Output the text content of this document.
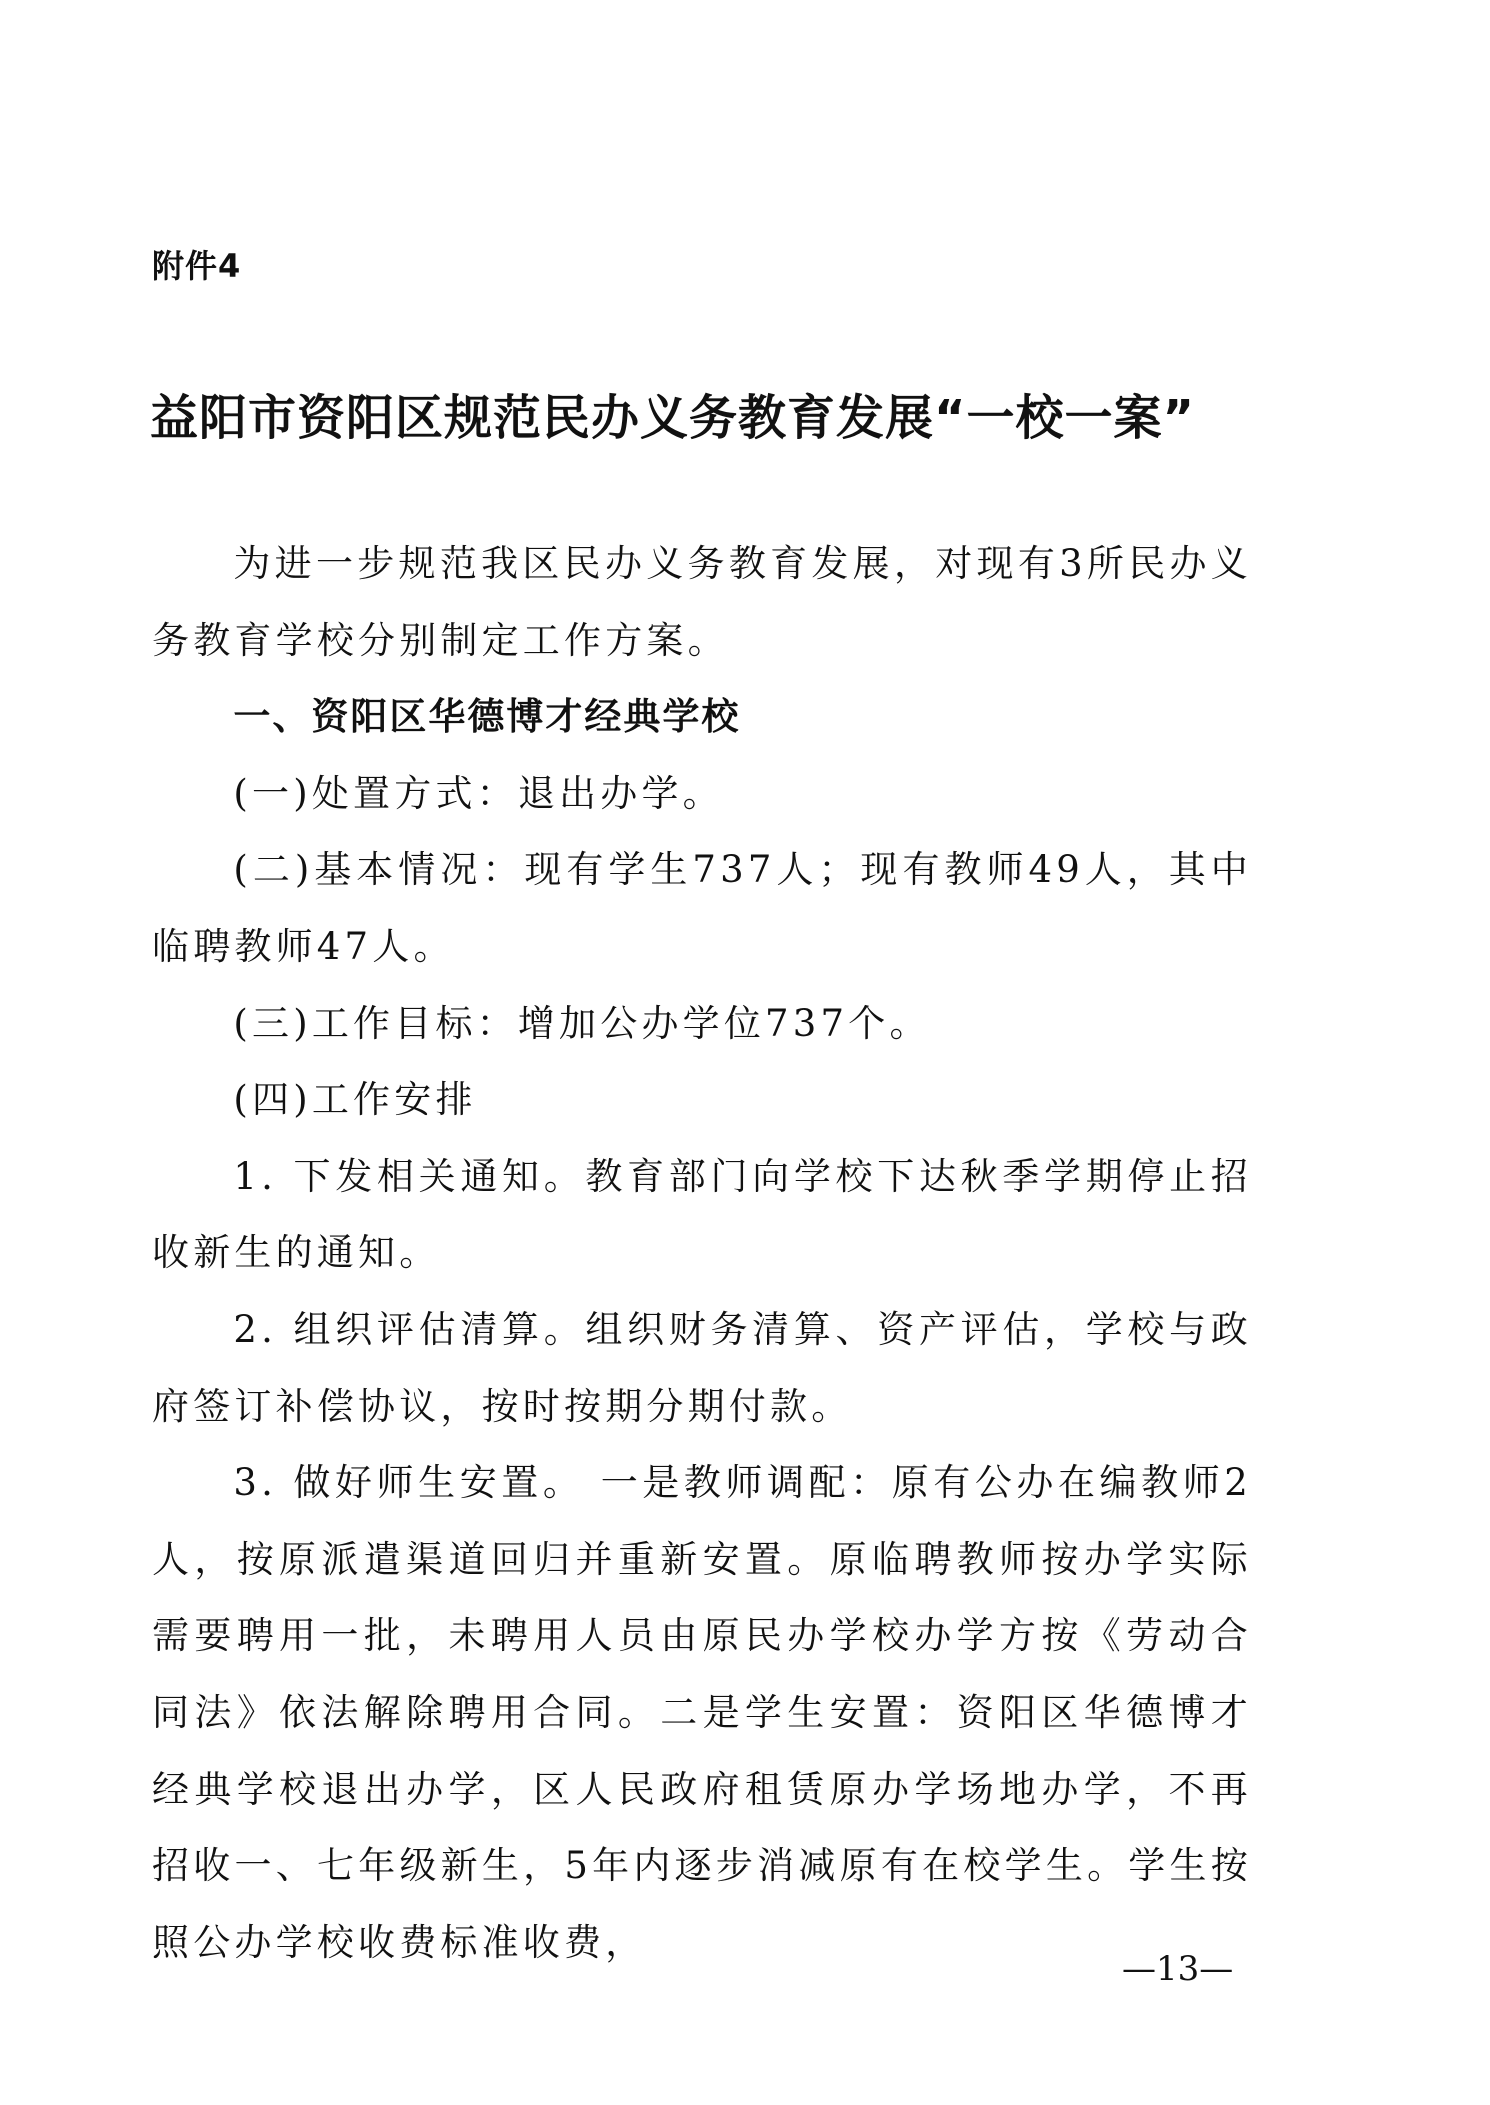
附件4
益阳市资阳区规范民办义务教育发展“一校一案”

为进一步规范我区民办义务教育发展，对现有3所民办义务教育学校分别制定工作方案。

一、资阳区华德博才经典学校

(一)处置方式：退出办学。

(二)基本情况：现有学生737人；现有教师49人，其中临聘教师47人。

(三)工作目标：增加公办学位737个。

(四)工作安排

1. 下发相关通知。教育部门向学校下达秋季学期停止招收新生的通知。

2. 组织评估清算。组织财务清算、资产评估，学校与政府签订补偿协议，按时按期分期付款。

3. 做好师生安置。 一是教师调配：原有公办在编教师2人，按原派遣渠道回归并重新安置。原临聘教师按办学实际需要聘用一批，未聘用人员由原民办学校办学方按《劳动合同法》依法解除聘用合同。二是学生安置：资阳区华德博才经典学校退出办学，区人民政府租赁原办学场地办学，不再招收一、七年级新生，5年内逐步消减原有在校学生。学生按照公办学校收费标准收费，

—13—
